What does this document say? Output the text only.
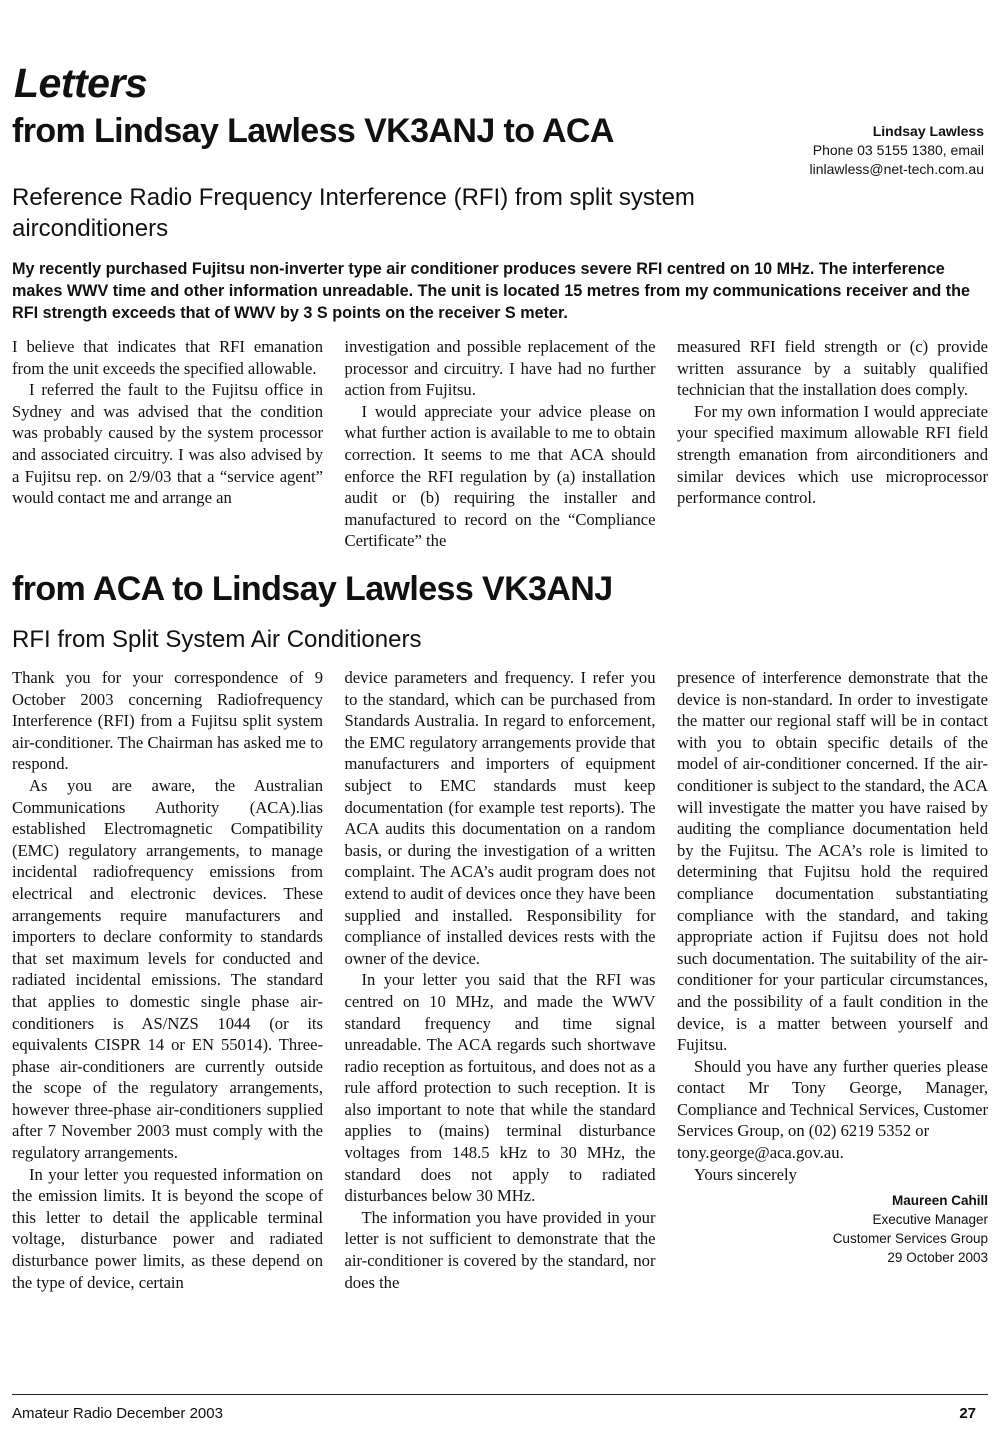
Letters
from Lindsay Lawless VK3ANJ to ACA	Lindsay Lawless
Phone 03 5155 1380, email
linlawless@net-tech.com.au
Reference Radio Frequency Interference (RFI) from split system airconditioners

My recently purchased Fujitsu non-inverter type air conditioner produces severe RFI centred on 10 MHz. The interference makes WWV time and other information unreadable. The unit is located 15 metres from my communications receiver and the RFI strength exceeds that of WWV by 3 S points on the receiver S meter.

I believe that indicates that RFI emanation from the unit exceeds the specified allowable.

I referred the fault to the Fujitsu office in Sydney and was advised that the condition was probably caused by the system processor and associated circuitry. I was also advised by a Fujitsu rep. on 2/9/03 that a “service agent” would contact me and arrange an

investigation and possible replacement of the processor and circuitry. I have had no further action from Fujitsu.

I would appreciate your advice please on what further action is available to me to obtain correction. It seems to me that ACA should enforce the RFI regulation by (a) installation audit or (b) requiring the installer and manufactured to record on the “Compliance Certificate” the

measured RFI field strength or (c) provide written assurance by a suitably qualified technician that the installation does comply.

For my own information I would appreciate your specified maximum allowable RFI field strength emanation from airconditioners and similar devices which use microprocessor performance control.

from ACA to Lindsay Lawless VK3ANJ
RFI from Split System Air Conditioners

Thank you for your correspondence of 9 October 2003 concerning Radiofrequency Interference (RFI) from a Fujitsu split system air-conditioner. The Chairman has asked me to respond.

As you are aware, the Australian Communications Authority (ACA).lias established Electromagnetic Compatibility (EMC) regulatory arrangements, to manage incidental radiofrequency emissions from electrical and electronic devices. These arrangements require manufacturers and importers to declare conformity to standards that set maximum levels for conducted and radiated incidental emissions. The standard that applies to domestic single phase air-conditioners is AS/NZS 1044 (or its equivalents CISPR 14 or EN 55014). Three-phase air-conditioners are currently outside the scope of the regulatory arrangements, however three-phase air-conditioners supplied after 7 November 2003 must comply with the regulatory arrangements.

In your letter you requested information on the emission limits. It is beyond the scope of this letter to detail the applicable terminal voltage, disturbance power and radiated disturbance power limits, as these depend on the type of device, certain

device parameters and frequency. I refer you to the standard, which can be purchased from Standards Australia. In regard to enforcement, the EMC regulatory arrangements provide that manufacturers and importers of equipment subject to EMC standards must keep documentation (for example test reports). The ACA audits this documentation on a random basis, or during the investigation of a written complaint. The ACA’s audit program does not extend to audit of devices once they have been supplied and installed. Responsibility for compliance of installed devices rests with the owner of the device.

In your letter you said that the RFI was centred on 10 MHz, and made the WWV standard frequency and time signal unreadable. The ACA regards such shortwave radio reception as fortuitous, and does not as a rule afford protection to such reception. It is also important to note that while the standard applies to (mains) terminal disturbance voltages from 148.5 kHz to 30 MHz, the standard does not apply to radiated disturbances below 30 MHz.

The information you have provided in your letter is not sufficient to demonstrate that the air-conditioner is covered by the standard, nor does the

presence of interference demonstrate that the device is non-standard. In order to investigate the matter our regional staff will be in contact with you to obtain specific details of the model of air-conditioner concerned. If the air-conditioner is subject to the standard, the ACA will investigate the matter you have raised by auditing the compliance documentation held by the Fujitsu. The ACA’s role is limited to determining that Fujitsu hold the required compliance documentation substantiating compliance with the standard, and taking appropriate action if Fujitsu does not hold such documentation. The suitability of the air-conditioner for your particular circumstances, and the possibility of a fault condition in the device, is a matter between yourself and Fujitsu.

Should you have any further queries please contact Mr Tony George, Manager, Compliance and Technical Services, Customer Services Group, on (02) 6219 5352 or

tony.george@aca.gov.au.

Yours sincerely

Maureen Cahill
Executive Manager
Customer Services Group
29 October 2003
Amateur Radio December 2003	27
